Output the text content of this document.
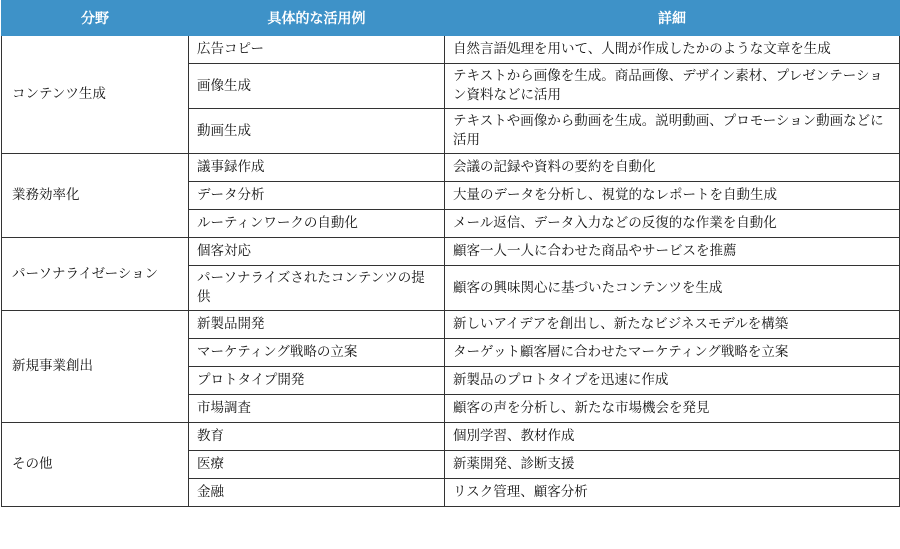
分野	具体的な活用例	詳細
コンテンツ生成	広告コピー	自然言語処理を用いて、人間が作成したかのような文章を生成
	画像生成	テキストから画像を生成。商品画像、デザイン素材、プレゼンテーション資料などに活用
	動画生成	テキストや画像から動画を生成。説明動画、プロモーション動画などに活用
業務効率化	議事録作成	会議の記録や資料の要約を自動化
	データ分析	大量のデータを分析し、視覚的なレポートを自動生成
	ルーティンワークの自動化	メール返信、データ入力などの反復的な作業を自動化
パーソナライゼーション	個客対応	顧客一人一人に合わせた商品やサービスを推薦
	パーソナライズされたコンテンツの提供	顧客の興味関心に基づいたコンテンツを生成
新規事業創出	新製品開発	新しいアイデアを創出し、新たなビジネスモデルを構築
	マーケティング戦略の立案	ターゲット顧客層に合わせたマーケティング戦略を立案
	プロトタイプ開発	新製品のプロトタイプを迅速に作成
	市場調査	顧客の声を分析し、新たな市場機会を発見
その他	教育	個別学習、教材作成
	医療	新薬開発、診断支援
	金融	リスク管理、顧客分析
